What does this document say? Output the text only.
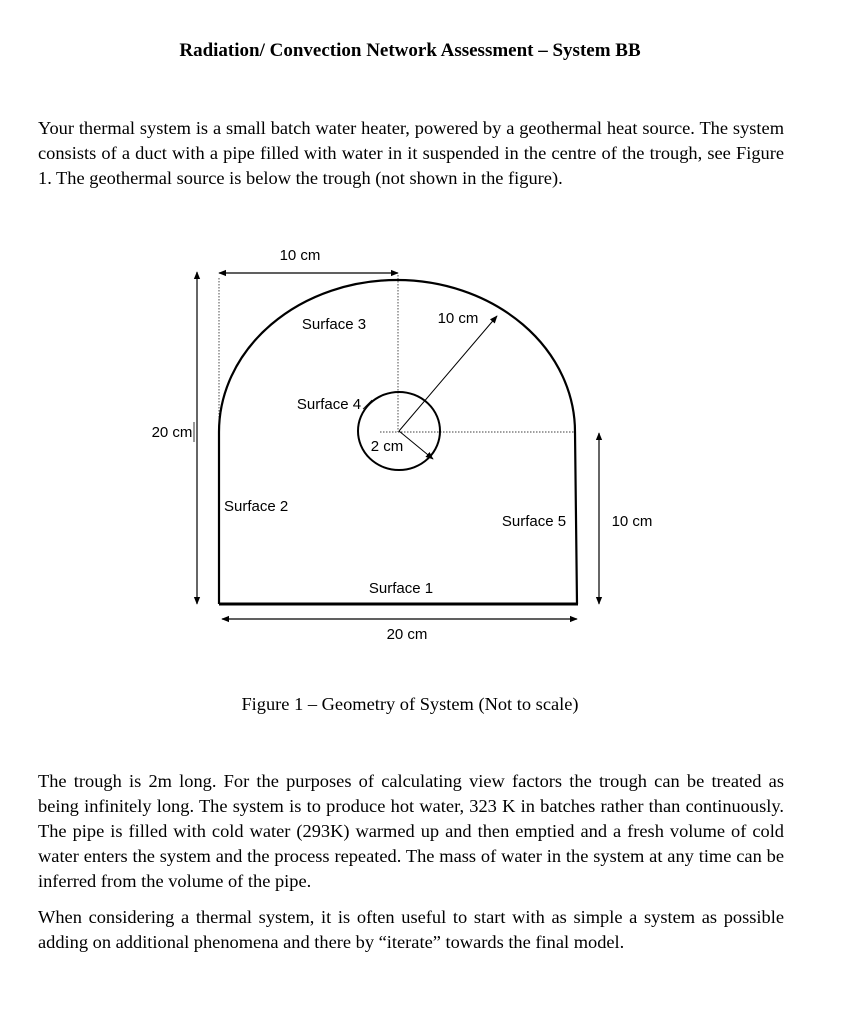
Radiation/ Convection Network Assessment – System BB
Your thermal system is a small batch water heater, powered by a geothermal heat source. The system consists of a duct with a pipe filled with water in it suspended in the centre of the trough, see Figure 1. The geothermal source is below the trough (not shown in the figure).
10 cm
10 cm
Surface 3
Surface 4
2 cm
20 cm
Surface 2
Surface 5	10 cm
Surface 1
20 cm
Figure 1 – Geometry of System (Not to scale)
The trough is 2m long. For the purposes of calculating view factors the trough can be treated as being infinitely long. The system is to produce hot water, 323 K in batches rather than continuously. The pipe is filled with cold water (293K) warmed up and then emptied and a fresh volume of cold water enters the system and the process repeated. The mass of water in the system at any time can be inferred from the volume of the pipe.
When considering a thermal system, it is often useful to start with as simple a system as possible adding on additional phenomena and there by “iterate” towards the final model.
